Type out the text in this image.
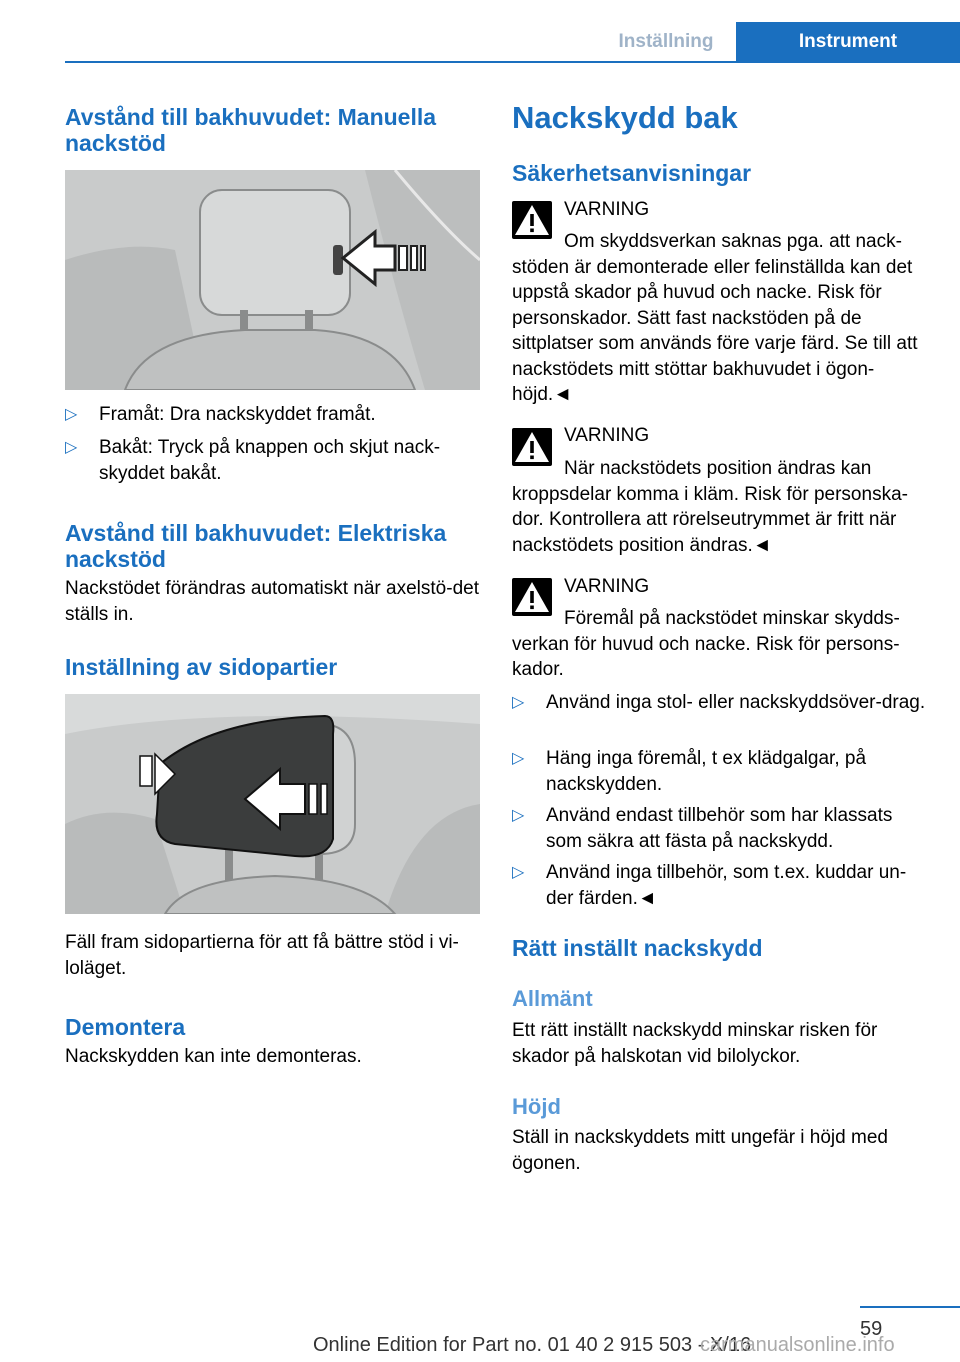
Inställning	Instrument
Avstånd till bakhuvudet: Manuella nackstöd
▷ Framåt: Dra nackskyddet framåt.
▷ Bakåt: Tryck på knappen och skjut nack-skyddet bakåt.
Avstånd till bakhuvudet: Elektriska nackstöd

Nackstödet förändras automatiskt när axelstö-det ställs in.

Inställning av sidopartier

Fäll fram sidopartierna för att få bättre stöd i vi-loläget.

Demontera

Nackskydden kan inte demonteras.

Nackskydd bak
Säkerhetsanvisningar

VARNING

Om skyddsverkan saknas pga. att nack-stöden är demonterade eller felinställda kan det uppstå skador på huvud och nacke. Risk för personskador. Sätt fast nackstöden på de sittplatser som används före varje färd. Se till att nackstödets mitt stöttar bakhuvudet i ögon-höjd.◄

VARNING

När nackstödets position ändras kan kroppsdelar komma i kläm. Risk för personska-dor. Kontrollera att rörelseutrymmet är fritt när nackstödets position ändras.◄

VARNING

Föremål på nackstödet minskar skydds-verkan för huvud och nacke. Risk för persons-kador.

▷ Använd inga stol- eller nackskyddsöver-drag.
▷ Häng inga föremål, t ex klädgalgar, på nackskydden.
▷ Använd endast tillbehör som har klassats som säkra att fästa på nackskydd.
▷ Använd inga tillbehör, som t.ex. kuddar un-der färden.◄
Rätt inställt nackskydd
Allmänt

Ett rätt inställt nackskydd minskar risken för skador på halskotan vid bilolyckor.

Höjd

Ställ in nackskyddets mitt ungefär i höjd med ögonen.

59
Online Edition for Part no. 01 40 2 915 503 - X/16
carmanualsonline.info
